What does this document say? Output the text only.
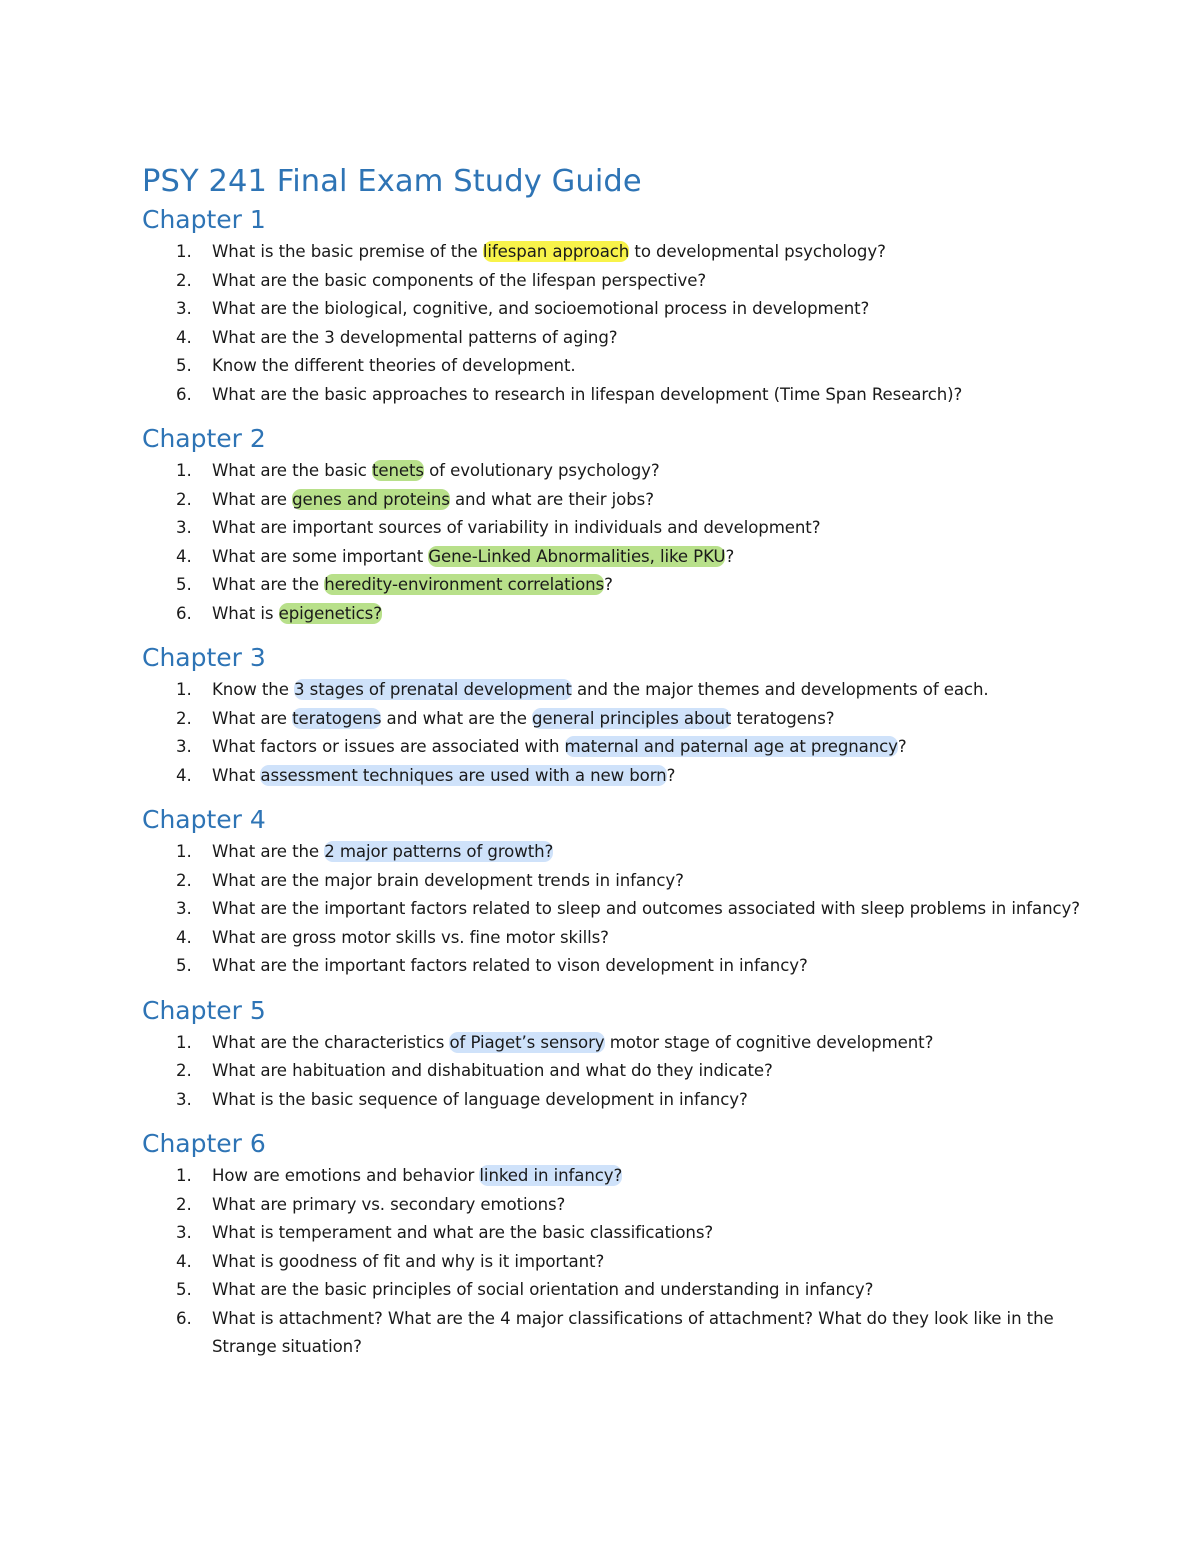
PSY 241 Final Exam Study Guide
Chapter 1
1. What is the basic premise of the lifespan approach to developmental psychology?
2. What are the basic components of the lifespan perspective?
3. What are the biological, cognitive, and socioemotional process in development?
4. What are the 3 developmental patterns of aging?
5. Know the different theories of development.
6. What are the basic approaches to research in lifespan development (Time Span Research)?
Chapter 2
1. What are the basic tenets of evolutionary psychology?
2. What are genes and proteins and what are their jobs?
3. What are important sources of variability in individuals and development?
4. What are some important Gene-Linked Abnormalities, like PKU?
5. What are the heredity-environment correlations?
6. What is epigenetics?
Chapter 3
1. Know the 3 stages of prenatal development and the major themes and developments of each.
2. What are teratogens and what are the general principles about teratogens?
3. What factors or issues are associated with maternal and paternal age at pregnancy?
4. What assessment techniques are used with a new born?
Chapter 4
1. What are the 2 major patterns of growth?
2. What are the major brain development trends in infancy?
3. What are the important factors related to sleep and outcomes associated with sleep problems in infancy?
4. What are gross motor skills vs. fine motor skills?
5. What are the important factors related to vison development in infancy?
Chapter 5
1. What are the characteristics of Piaget’s sensory motor stage of cognitive development?
2. What are habituation and dishabituation and what do they indicate?
3. What is the basic sequence of language development in infancy?
Chapter 6
1. How are emotions and behavior linked in infancy?
2. What are primary vs. secondary emotions?
3. What is temperament and what are the basic classifications?
4. What is goodness of fit and why is it important?
5. What are the basic principles of social orientation and understanding in infancy?
6. What is attachment? What are the 4 major classifications of attachment? What do they look like in the Strange situation?
